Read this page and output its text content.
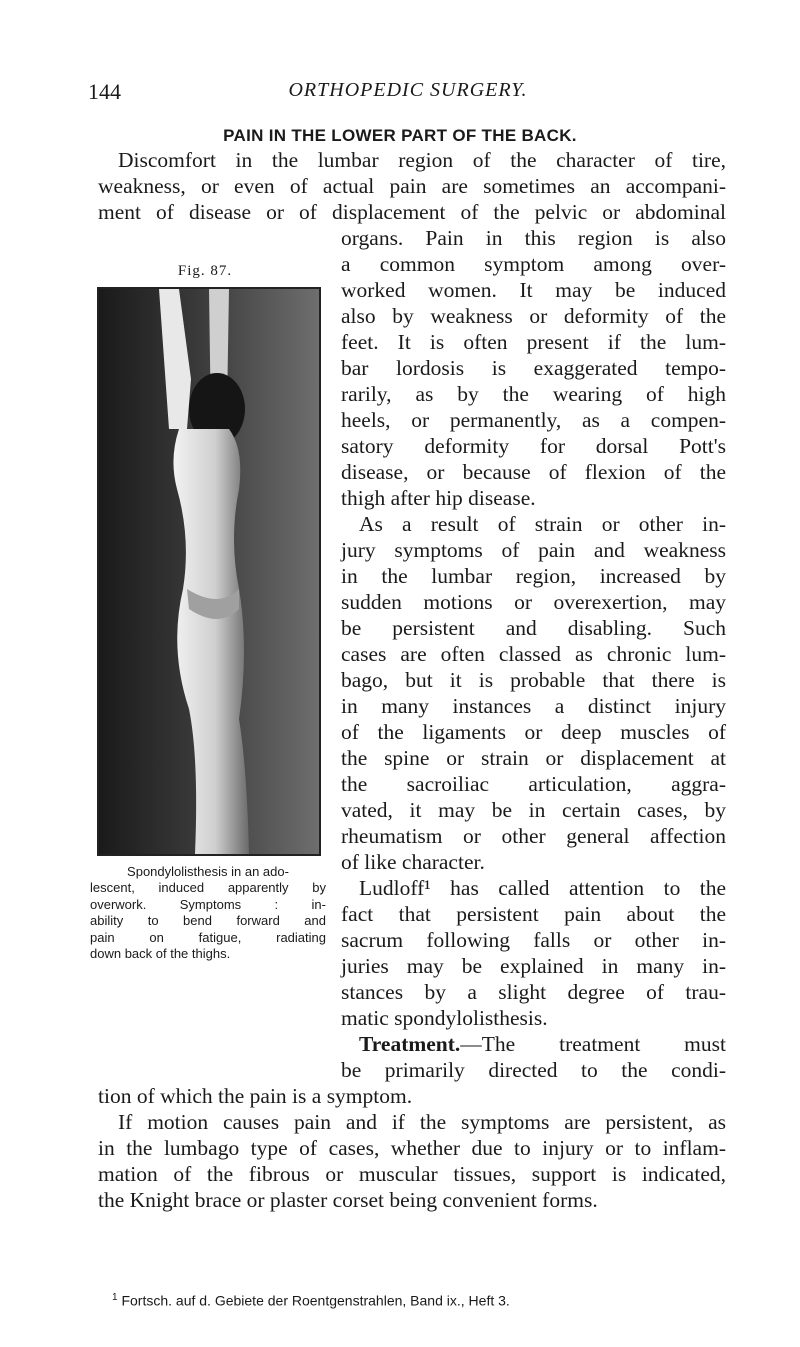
144	ORTHOPEDIC SURGERY.
PAIN IN THE LOWER PART OF THE BACK.
Discomfort in the lumbar region of the character of tire,
weakness, or even of actual pain are sometimes an accompani-
ment of disease or of displacement of the pelvic or abdominal
Fig. 87.
Spondylolisthesis in an ado-
lescent, induced apparently by
overwork. Symptoms : in-
ability to bend forward and
pain on fatigue, radiating
down back of the thighs.
organs. Pain in this region is also
a common symptom among over-
worked women. It may be induced
also by weakness or deformity of the
feet. It is often present if the lum-
bar lordosis is exaggerated tempo-
rarily, as by the wearing of high
heels, or permanently, as a compen-
satory deformity for dorsal Pott's
disease, or because of flexion of the
thigh after hip disease.
As a result of strain or other in-
jury symptoms of pain and weakness
in the lumbar region, increased by
sudden motions or overexertion, may
be persistent and disabling. Such
cases are often classed as chronic lum-
bago, but it is probable that there is
in many instances a distinct injury
of the ligaments or deep muscles of
the spine or strain or displacement at
the sacroiliac articulation, aggra-
vated, it may be in certain cases, by
rheumatism or other general affection
of like character.
Ludloff¹ has called attention to the
fact that persistent pain about the
sacrum following falls or other in-
juries may be explained in many in-
stances by a slight degree of trau-
matic spondylolisthesis.
Treatment.—The treatment must
be primarily directed to the condi-
tion of which the pain is a symptom.
If motion causes pain and if the symptoms are persistent, as
in the lumbago type of cases, whether due to injury or to inflam-
mation of the fibrous or muscular tissues, support is indicated,
the Knight brace or plaster corset being convenient forms.
$^1$ Fortsch. auf d. Gebiete der Roentgenstrahlen, Band ix., Heft 3.
